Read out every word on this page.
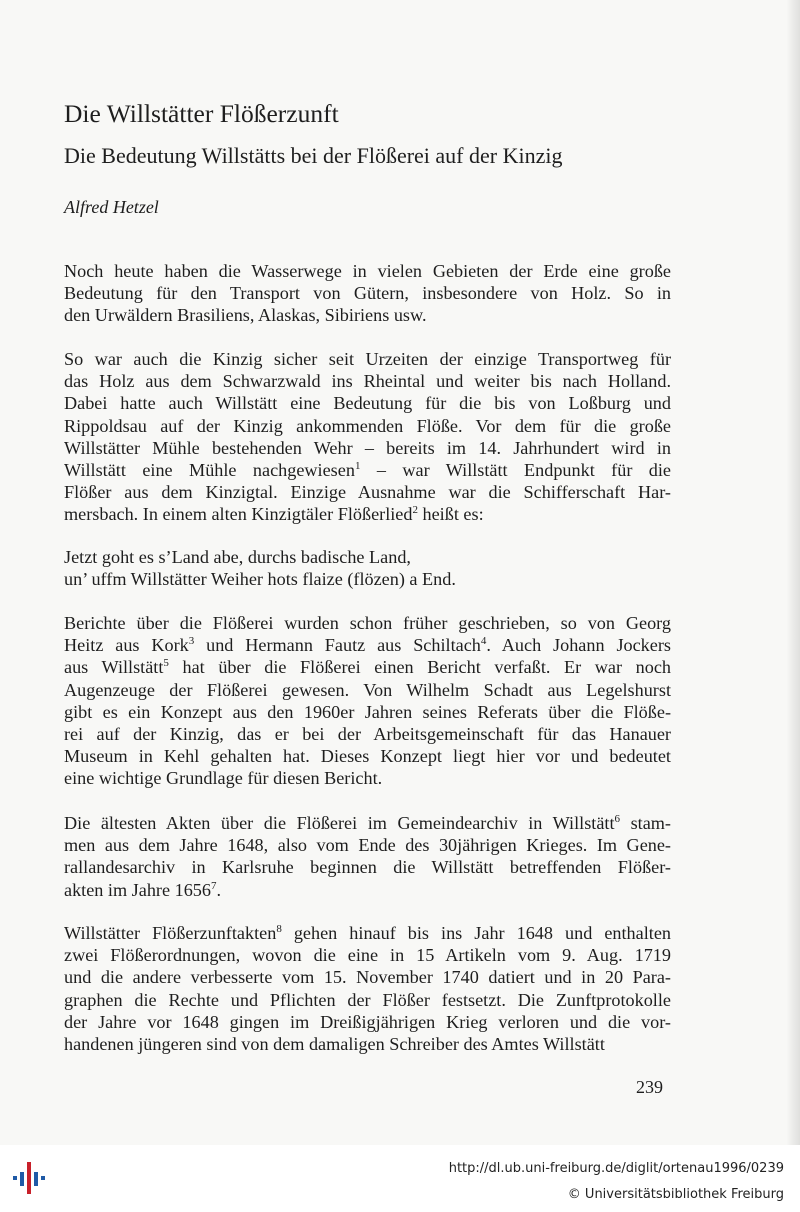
Die Willstätter Flößerzunft
Die Bedeutung Willstätts bei der Flößerei auf der Kinzig

Alfred Hetzel

Noch heute haben die Wasserwege in vielen Gebieten der Erde eine große
Bedeutung für den Transport von Gütern, insbesondere von Holz. So in
den Urwäldern Brasiliens, Alaskas, Sibiriens usw.
So war auch die Kinzig sicher seit Urzeiten der einzige Transportweg für
das Holz aus dem Schwarzwald ins Rheintal und weiter bis nach Holland.
Dabei hatte auch Willstätt eine Bedeutung für die bis von Loßburg und
Rippoldsau auf der Kinzig ankommenden Flöße. Vor dem für die große
Willstätter Mühle bestehenden Wehr – bereits im 14. Jahrhundert wird in
Willstätt eine Mühle nachgewiesen$^1$ – war Willstätt Endpunkt für die
Flößer aus dem Kinzigtal. Einzige Ausnahme war die Schifferschaft Har-
mersbach. In einem alten Kinzigtäler Flößerlied$^2$ heißt es:
Jetzt goht es s’Land abe, durchs badische Land,
un’ uffm Willstätter Weiher hots flaize (flözen) a End.
Berichte über die Flößerei wurden schon früher geschrieben, so von Georg
Heitz aus Kork$^3$ und Hermann Fautz aus Schiltach$^4$. Auch Johann Jockers
aus Willstätt$^5$ hat über die Flößerei einen Bericht verfaßt. Er war noch
Augenzeuge der Flößerei gewesen. Von Wilhelm Schadt aus Legelshurst
gibt es ein Konzept aus den 1960er Jahren seines Referats über die Flöße-
rei auf der Kinzig, das er bei der Arbeitsgemeinschaft für das Hanauer
Museum in Kehl gehalten hat. Dieses Konzept liegt hier vor und bedeutet
eine wichtige Grundlage für diesen Bericht.
Die ältesten Akten über die Flößerei im Gemeindearchiv in Willstätt$^6$ stam-
men aus dem Jahre 1648, also vom Ende des 30jährigen Krieges. Im Gene-
rallandesarchiv in Karlsruhe beginnen die Willstätt betreffenden Flößer-
akten im Jahre 1656$^7$.
Willstätter Flößerzunftakten$^8$ gehen hinauf bis ins Jahr 1648 und enthalten
zwei Flößerordnungen, wovon die eine in 15 Artikeln vom 9. Aug. 1719
und die andere verbesserte vom 15. November 1740 datiert und in 20 Para-
graphen die Rechte und Pflichten der Flößer festsetzt. Die Zunftprotokolle
der Jahre vor 1648 gingen im Dreißigjährigen Krieg verloren und die vor-
handenen jüngeren sind von dem damaligen Schreiber des Amtes Willstätt
239
http://dl.ub.uni-freiburg.de/diglit/ortenau1996/0239
© Universitätsbibliothek Freiburg
